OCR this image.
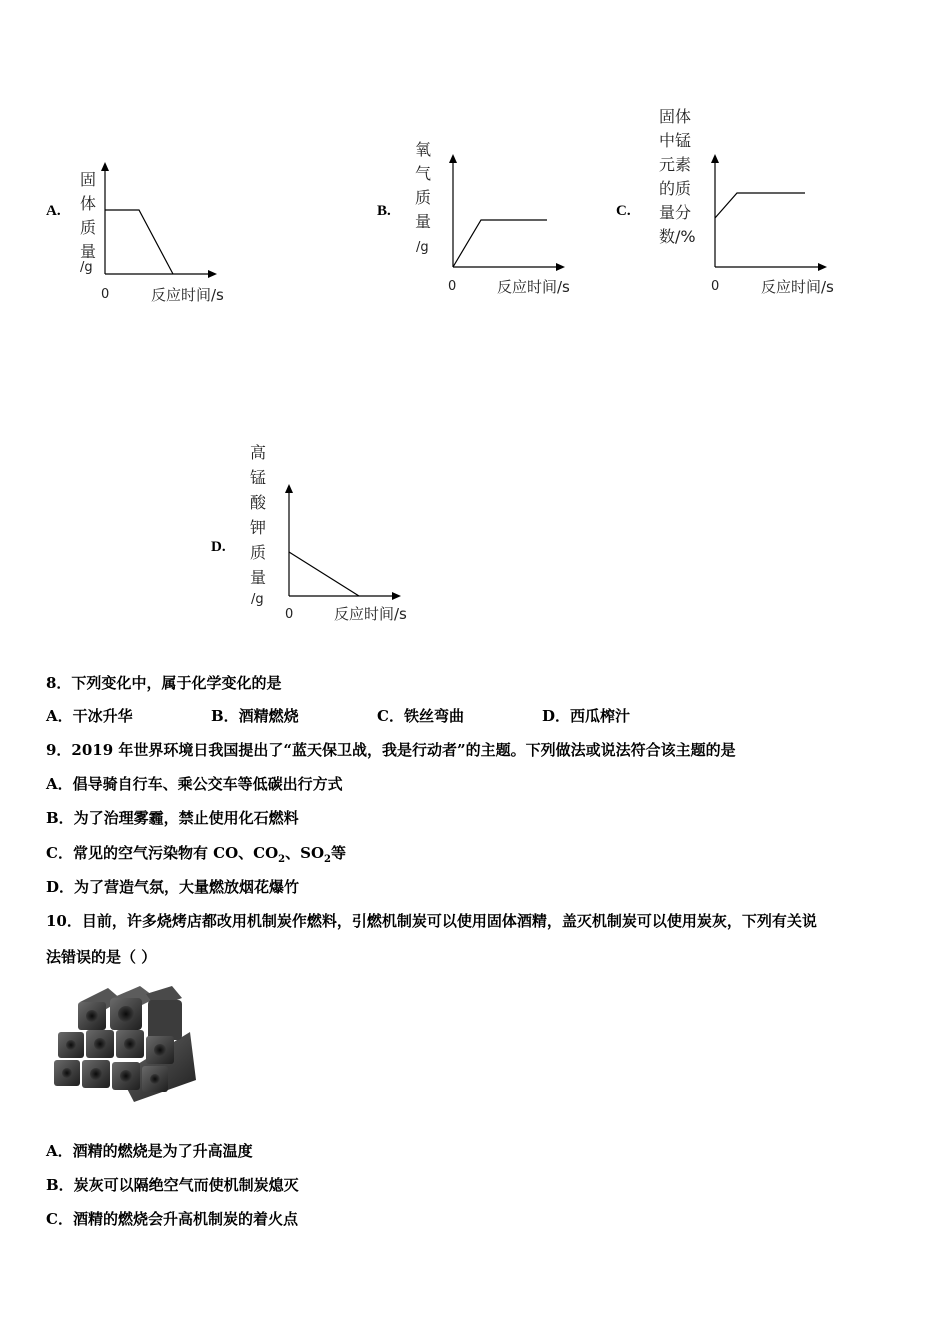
A.
固
体
质
量
/g
0	反应时间/s
B.
氧
气
质
量
/g
0	反应时间/s
C.
固体
中锰
元素
的质
量分
数/%
0	反应时间/s
D.
高
锰
酸
钾
质
量
/g
0	反应时间/s
8．下列变化中，属于化学变化的是
A．干冰升华	B．酒精燃烧	C．铁丝弯曲	D．西瓜榨汁
9．2019 年世界环境日我国提出了“蓝天保卫战，我是行动者”的主题。下列做法或说法符合该主题的是
A．倡导骑自行车、乘公交车等低碳出行方式
B．为了治理雾霾，禁止使用化石燃料
C．常见的空气污染物有 CO、$CO_2$、$SO_2$等
D．为了营造气氛，大量燃放烟花爆竹
10．目前，许多烧烤店都改用机制炭作燃料，引燃机制炭可以使用固体酒精，盖灭机制炭可以使用炭灰，下列有关说
法错误的是（ ）
A．酒精的燃烧是为了升高温度
B．炭灰可以隔绝空气而使机制炭熄灭
C．酒精的燃烧会升高机制炭的着火点
